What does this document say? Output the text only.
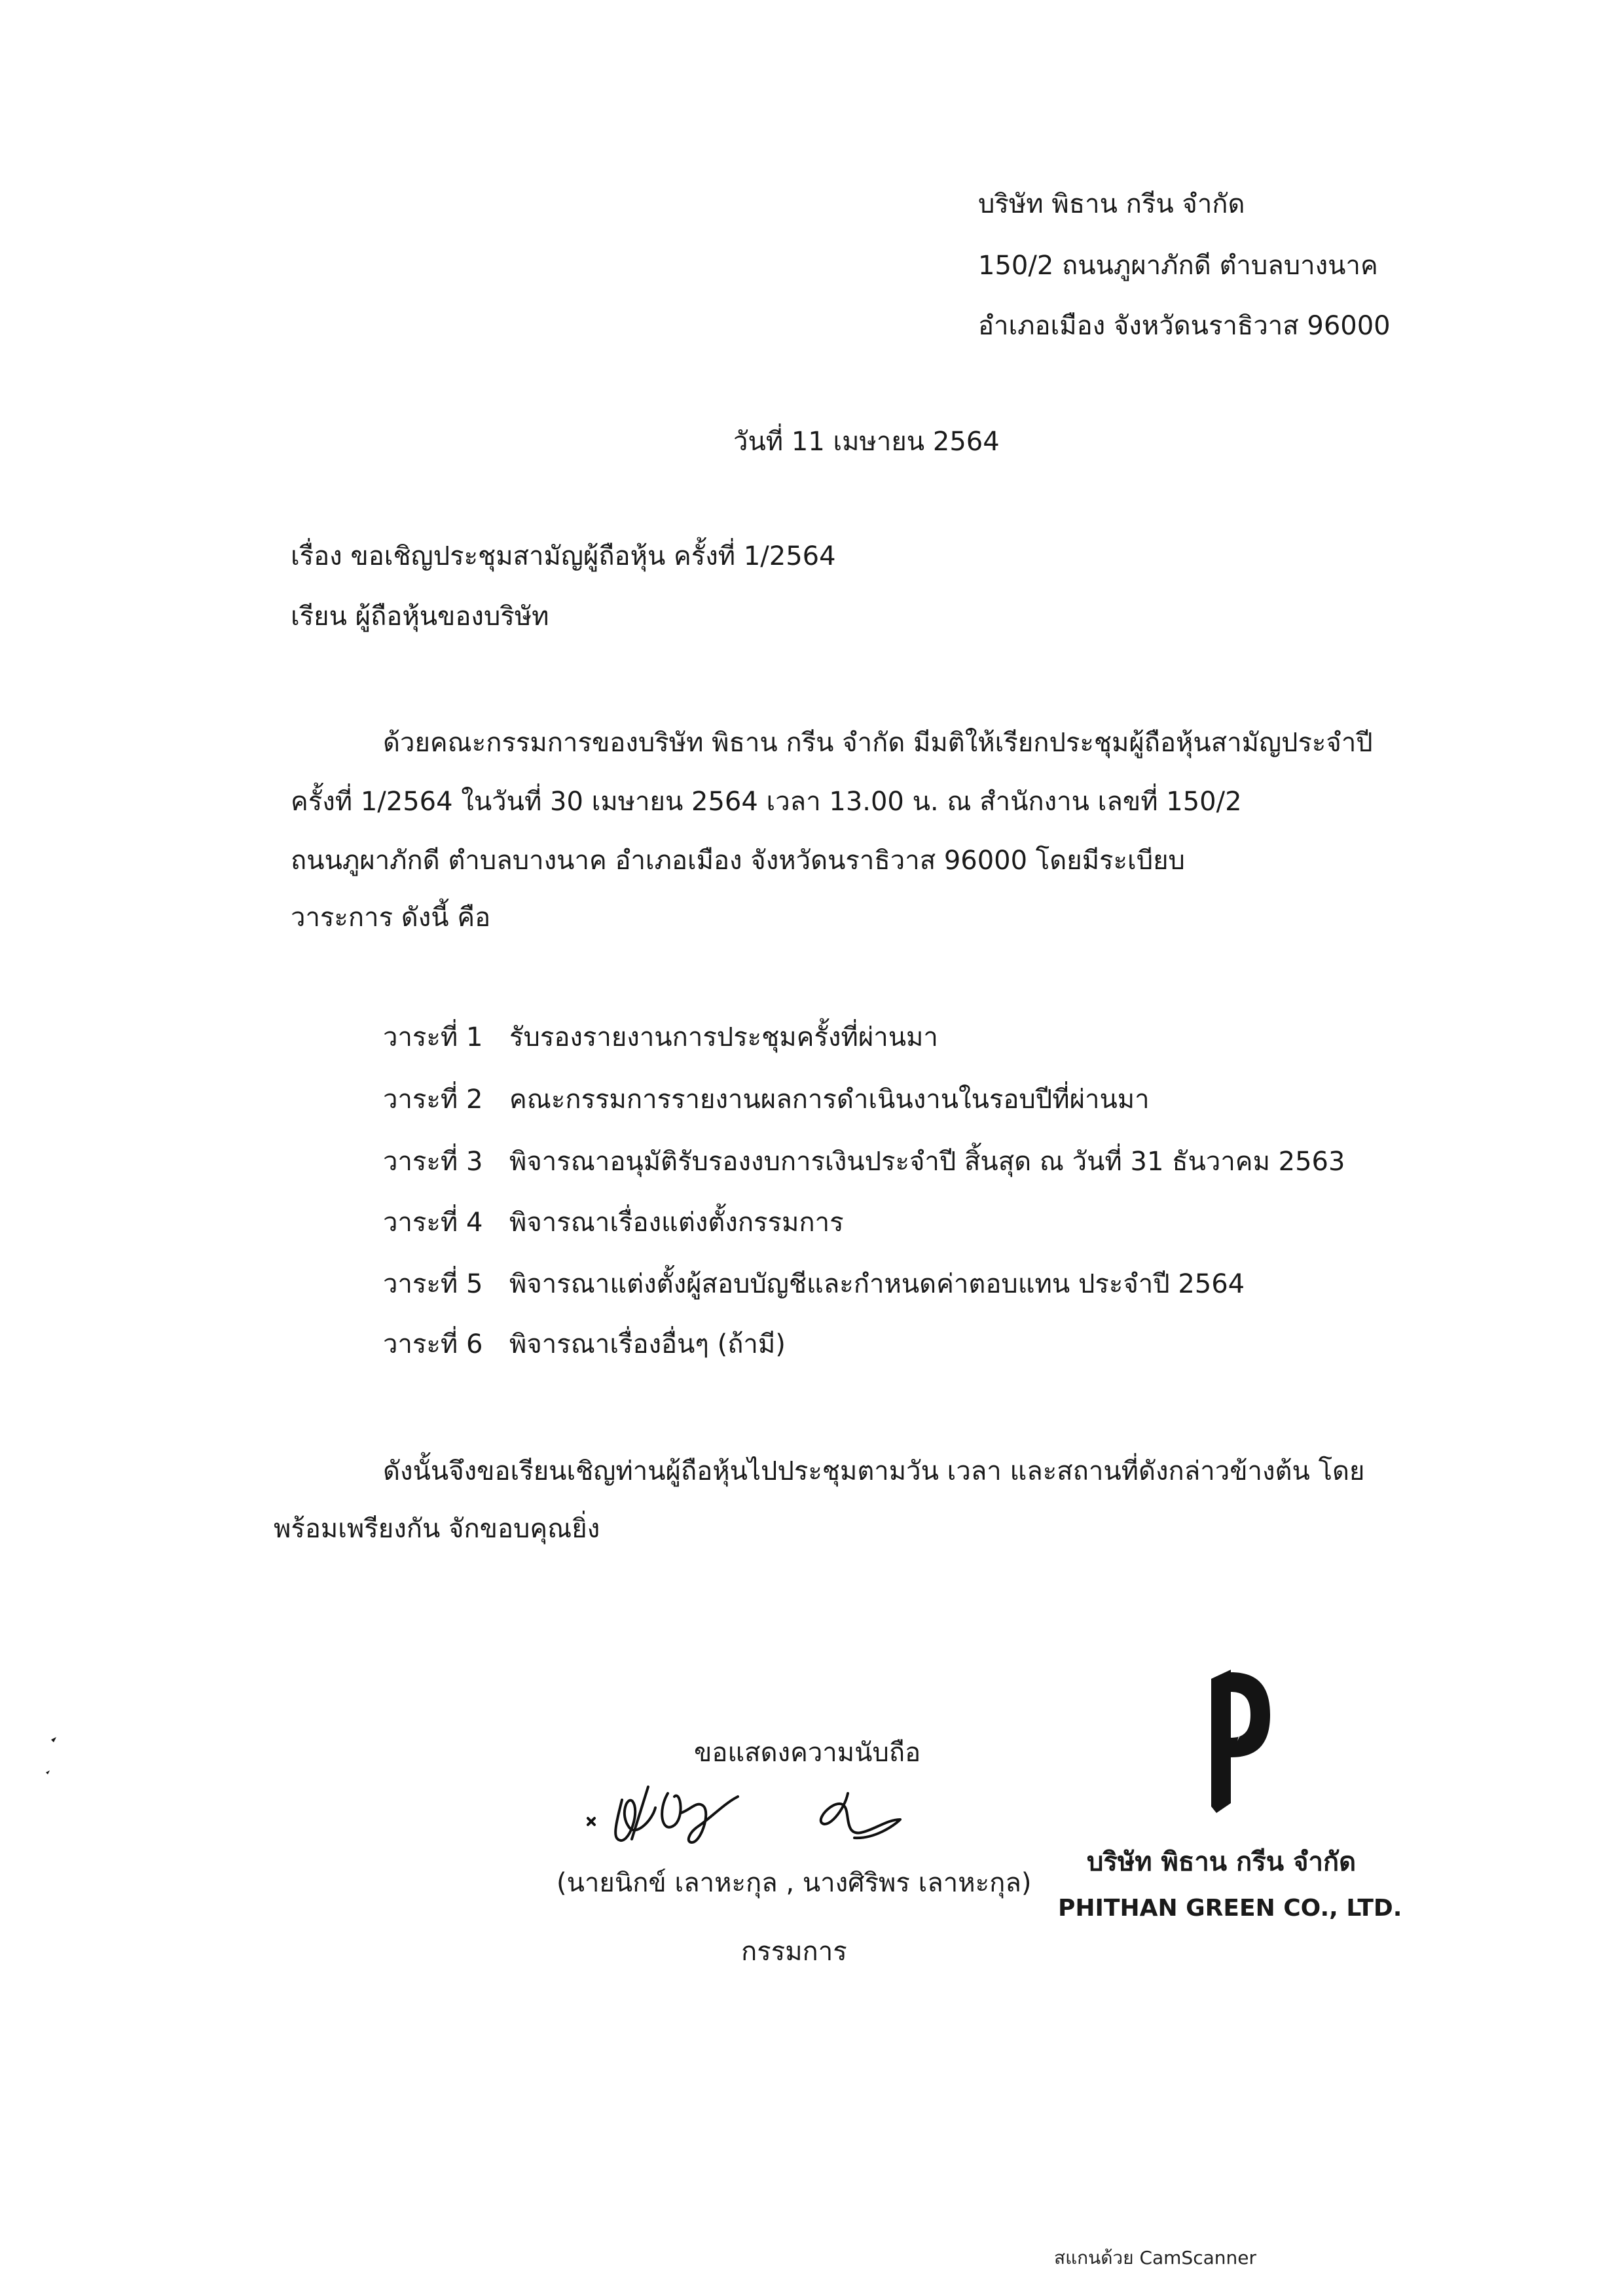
บริษัท พิธาน กรีน จำกัด
150/2 ถนนภูผาภักดี ตำบลบางนาค
อำเภอเมือง จังหวัดนราธิวาส 96000
วันที่ 11 เมษายน 2564
เรื่อง ขอเชิญประชุมสามัญผู้ถือหุ้น ครั้งที่ 1/2564
เรียน ผู้ถือหุ้นของบริษัท
ด้วยคณะกรรมการของบริษัท พิธาน กรีน จำกัด มีมติให้เรียกประชุมผู้ถือหุ้นสามัญประจำปี
ครั้งที่ 1/2564 ในวันที่ 30 เมษายน 2564 เวลา 13.00 น. ณ สำนักงาน เลขที่ 150/2
ถนนภูผาภักดี ตำบลบางนาค อำเภอเมือง จังหวัดนราธิวาส 96000 โดยมีระเบียบ
วาระการ ดังนี้ คือ
วาระที่ 1 รับรองรายงานการประชุมครั้งที่ผ่านมา
วาระที่ 2 คณะกรรมการรายงานผลการดำเนินงานในรอบปีที่ผ่านมา
วาระที่ 3 พิจารณาอนุมัติรับรองงบการเงินประจำปี สิ้นสุด ณ วันที่ 31 ธันวาคม 2563
วาระที่ 4 พิจารณาเรื่องแต่งตั้งกรรมการ
วาระที่ 5 พิจารณาแต่งตั้งผู้สอบบัญชีและกำหนดค่าตอบแทน ประจำปี 2564
วาระที่ 6 พิจารณาเรื่องอื่นๆ (ถ้ามี)
ดังนั้นจึงขอเรียนเชิญท่านผู้ถือหุ้นไปประชุมตามวัน เวลา และสถานที่ดังกล่าวข้างต้น โดย
พร้อมเพรียงกัน จักขอบคุณยิ่ง
ขอแสดงความนับถือ
(นายนิกข์ เลาหะกุล , นางศิริพร เลาหะกุล)
กรรมการ
บริษัท พิธาน กรีน จำกัด
PHITHAN GREEN CO., LTD.
สแกนด้วย CamScanner
